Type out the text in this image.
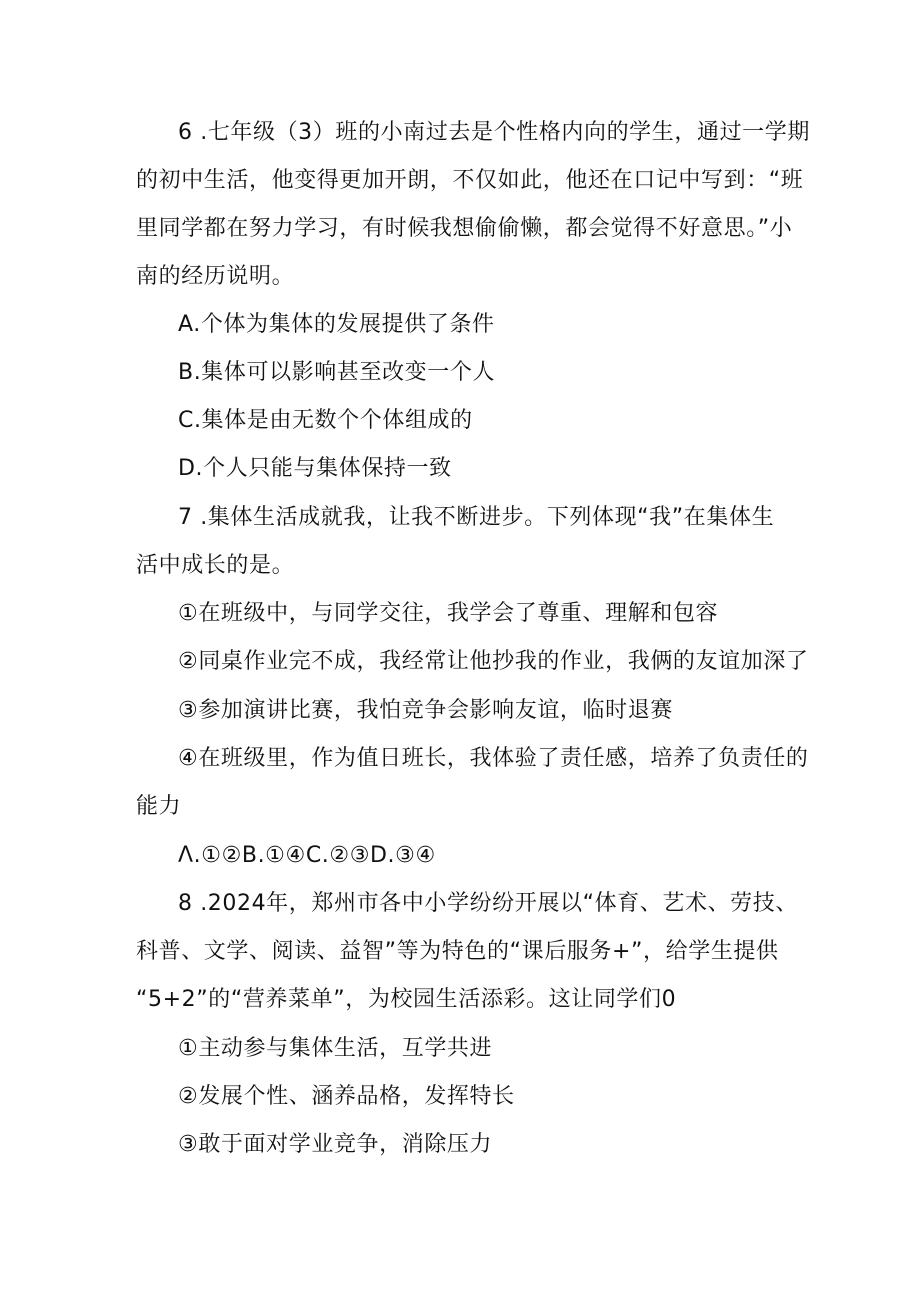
6 .七年级（3）班的小南过去是个性格内向的学生，通过一学期
的初中生活，他变得更加开朗，不仅如此，他还在口记中写到：“班
里同学都在努力学习，有时候我想偷偷懒，都会觉得不好意思。”小
南的经历说明。
A.个体为集体的发展提供了条件
B.集体可以影响甚至改变一个人
C.集体是由无数个个体组成的
D.个人只能与集体保持一致
7 .集体生活成就我，让我不断进步。下列体现“我”在集体生
活中成长的是。
①在班级中，与同学交往，我学会了尊重、理解和包容
②同桌作业完不成，我经常让他抄我的作业，我俩的友谊加深了
③参加演讲比赛，我怕竞争会影响友谊，临时退赛
④在班级里，作为值日班长，我体验了责任感，培养了负责任的
能力
Λ.①②B.①④C.②③D.③④
8 .2024年，郑州市各中小学纷纷开展以“体育、艺术、劳技、
科普、文学、阅读、益智”等为特色的“课后服务+”，给学生提供
“5+2”的“营养菜单”，为校园生活添彩。这让同学们0
①主动参与集体生活，互学共进
②发展个性、涵养品格，发挥特长
③敢于面对学业竞争，消除压力
